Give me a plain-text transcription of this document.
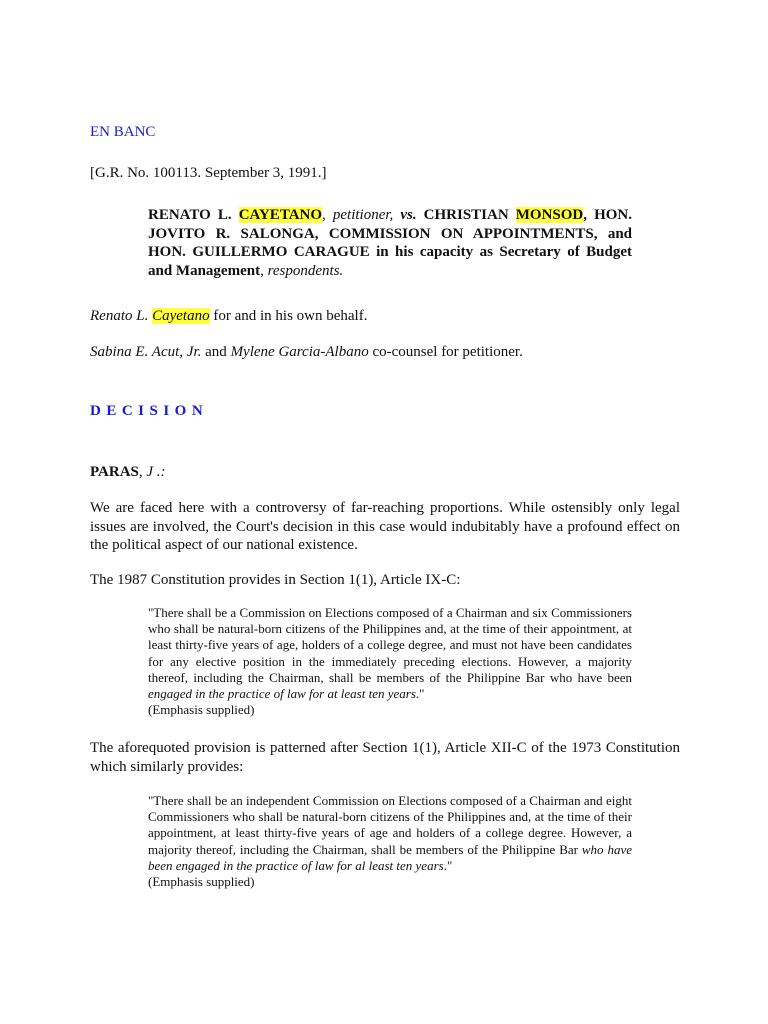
EN BANC

[G.R. No. 100113. September 3, 1991.]

RENATO L. CAYETANO, petitioner, vs. CHRISTIAN MONSOD, HON. JOVITO R. SALONGA, COMMISSION ON APPOINTMENTS, and HON. GUILLERMO CARAGUE in his capacity as Secretary of Budget and Management, respondents.

Renato L. Cayetano for and in his own behalf.

Sabina E. Acut, Jr. and Mylene Garcia-Albano co-counsel for petitioner.

DECISION

PARAS, J .:

We are faced here with a controversy of far-reaching proportions. While ostensibly only legal issues are involved, the Court's decision in this case would indubitably have a profound effect on the political aspect of our national existence.

The 1987 Constitution provides in Section 1(1), Article IX-C:

"There shall be a Commission on Elections composed of a Chairman and six Commissioners who shall be natural-born citizens of the Philippines and, at the time of their appointment, at least thirty-five years of age, holders of a college degree, and must not have been candidates for any elective position in the immediately preceding elections. However, a majority thereof, including the Chairman, shall be members of the Philippine Bar who have been engaged in the practice of law for at least ten years."
(Emphasis supplied)

The aforequoted provision is patterned after Section 1(1), Article XII-C of the 1973 Constitution which similarly provides:

"There shall be an independent Commission on Elections composed of a Chairman and eight Commissioners who shall be natural-born citizens of the Philippines and, at the time of their appointment, at least thirty-five years of age and holders of a college degree. However, a majority thereof, including the Chairman, shall be members of the Philippine Bar who have been engaged in the practice of law for al least ten years."
(Emphasis supplied)
